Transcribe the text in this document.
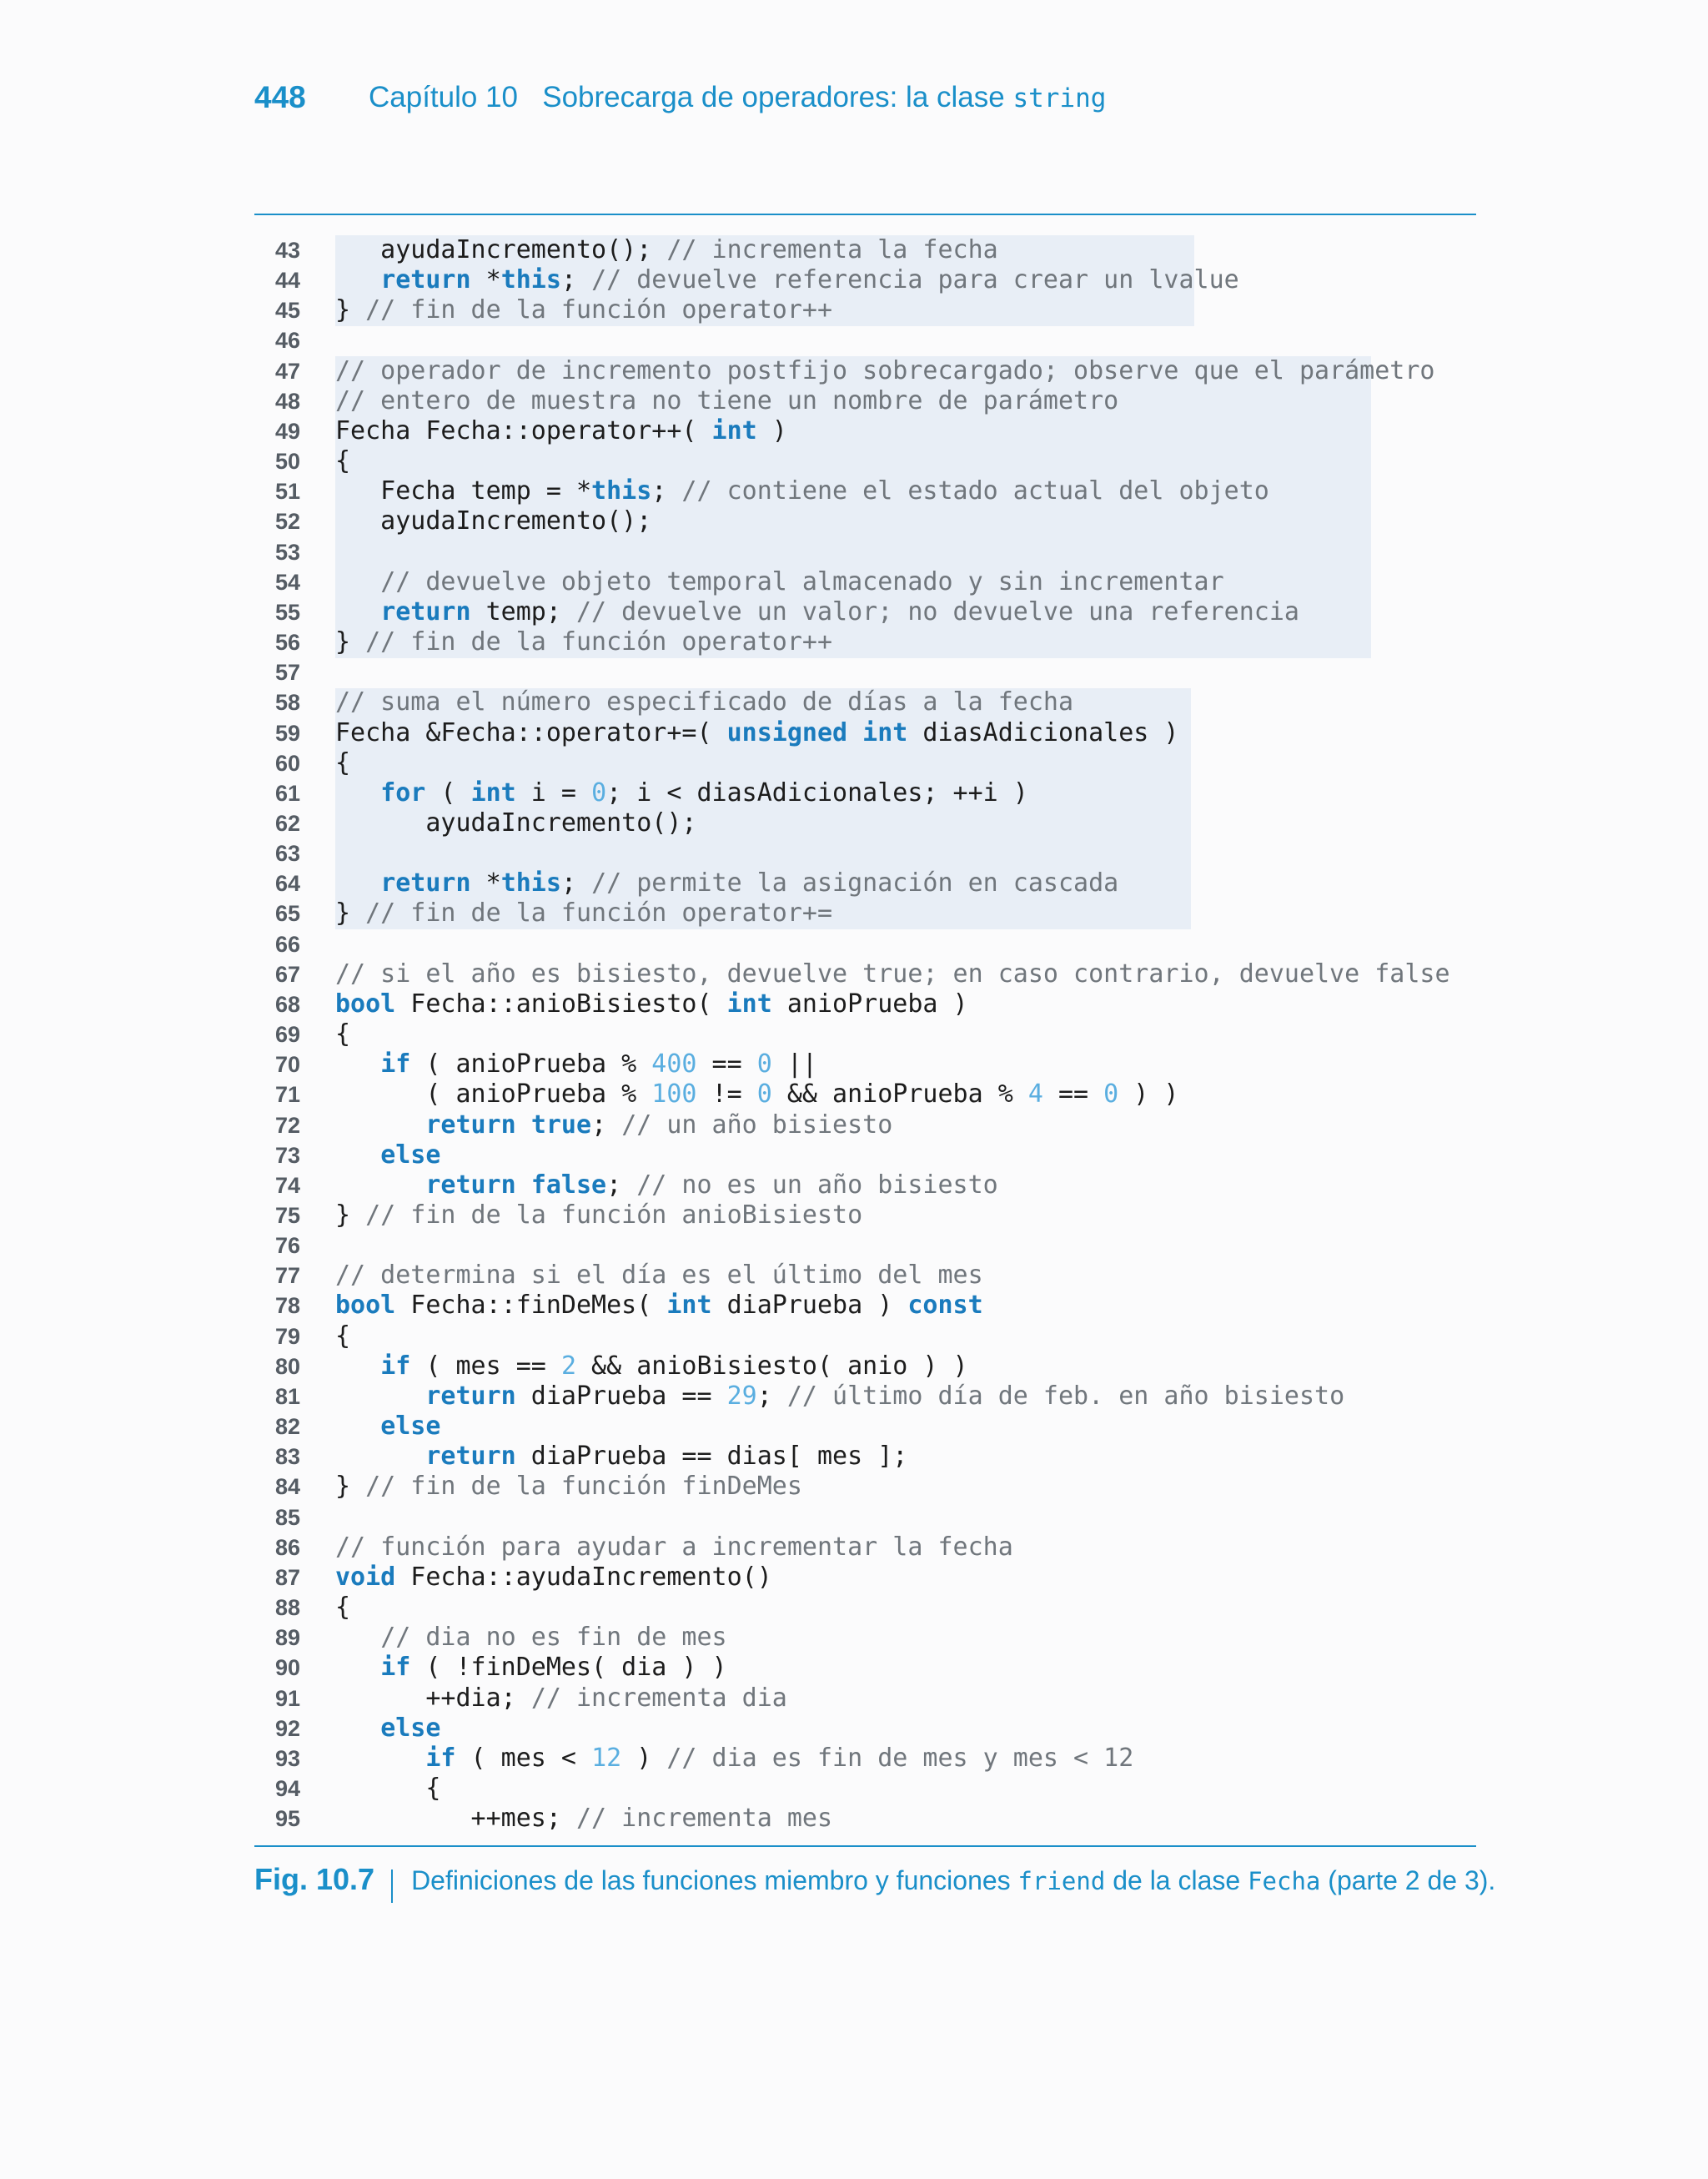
448 Capítulo 10 Sobrecarga de operadores: la clase string
43 ayudaIncremento(); // incrementa la fecha
44	return *this; // devuelve referencia para crear un lvalue
45 } // fin de la función operator++
46
47 // operador de incremento postfijo sobrecargado; observe que el parámetro
48 // entero de muestra no tiene un nombre de parámetro
49 Fecha Fecha::operator++( int )
50 {
51 Fecha temp = *this; // contiene el estado actual del objeto
52 ayudaIncremento();
53
54	// devuelve objeto temporal almacenado y sin incrementar
55	return temp; // devuelve un valor; no devuelve una referencia
56 } // fin de la función operator++
57
58 // suma el número especificado de días a la fecha
59 Fecha &Fecha::operator+=( unsigned int diasAdicionales )
60 {
61	for ( int i = 0; i < diasAdicionales; ++i )
62 ayudaIncremento();
63
64	return *this; // permite la asignación en cascada
65 } // fin de la función operator+=
66
67 // si el año es bisiesto, devuelve true; en caso contrario, devuelve false
68 bool Fecha::anioBisiesto( int anioPrueba )
69 {
70	if ( anioPrueba % 400 == 0 ||
71 ( anioPrueba % 100 != 0 && anioPrueba % 4 == 0 ) )
72	return true; // un año bisiesto
73	else
74	return false; // no es un año bisiesto
75 } // fin de la función anioBisiesto
76
77 // determina si el día es el último del mes
78 bool Fecha::finDeMes( int diaPrueba ) const
79 {
80	if ( mes == 2 && anioBisiesto( anio ) )
81	return diaPrueba == 29; // último día de feb. en año bisiesto
82	else
83	return diaPrueba == dias[ mes ];
84 } // fin de la función finDeMes
85
86 // función para ayudar a incrementar la fecha
87 void Fecha::ayudaIncremento()
88 {
89	// dia no es fin de mes
90	if ( !finDeMes( dia ) )
91 ++dia; // incrementa dia
92	else
93	if ( mes < 12 ) // dia es fin de mes y mes < 12
94 {
95 ++mes; // incrementa mes
Fig. 10.7 Definiciones de las funciones miembro y funciones friend de la clase Fecha (parte 2 de 3).
